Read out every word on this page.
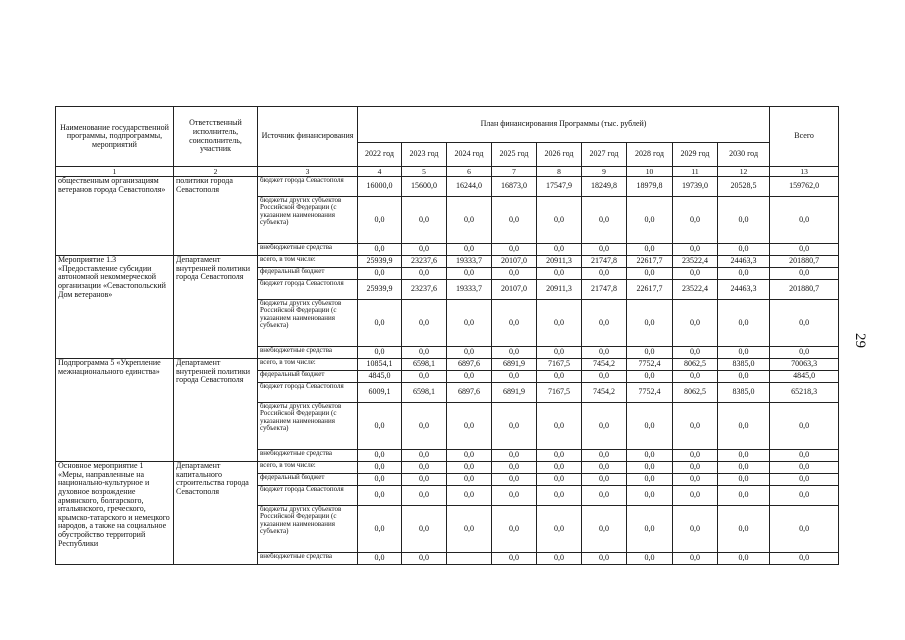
Наименование государственной программы, подпрограммы, мероприятий	Ответственный исполнитель, соисполнитель, участник	Источник финансирования	План финансирования Программы (тыс. рублей)									Всего
			2022 год	2023 год	2024 год	2025 год	2026 год	2027 год	2028 год	2029 год	2030 год	
1	2	3	4	5	6	7	8	9	10	11	12	13
общественным организациям ветеранов города Севастополя»	политики города Севастополя	бюджет города Севастополя	16000,0	15600,0	16244,0	16873,0	17547,9	18249,8	18979,8	19739,0	20528,5	159762,0
		бюджеты других субъектов Российской Федерации (с указанием наименования субъекта)	0,0	0,0	0,0	0,0	0,0	0,0	0,0	0,0	0,0	0,0
		внебюджетные средства	0,0	0,0	0,0	0,0	0,0	0,0	0,0	0,0	0,0	0,0
Мероприятие 1.3 «Предоставление субсидии автономной некоммерческой организации «Севастопольский Дом ветеранов»	Департамент внутренней политики города Севастополя	всего, в том числе:	25939,9	23237,6	19333,7	20107,0	20911,3	21747,8	22617,7	23522,4	24463,3	201880,7
		федеральный бюджет	0,0	0,0	0,0	0,0	0,0	0,0	0,0	0,0	0,0	0,0
		бюджет города Севастополя	25939,9	23237,6	19333,7	20107,0	20911,3	21747,8	22617,7	23522,4	24463,3	201880,7
		бюджеты других субъектов Российской Федерации (с указанием наименования субъекта)	0,0	0,0	0,0	0,0	0,0	0,0	0,0	0,0	0,0	0,0
		внебюджетные средства	0,0	0,0	0,0	0,0	0,0	0,0	0,0	0,0	0,0	0,0
Подпрограмма 5 «Укрепление межнационального единства»	Департамент внутренней политики города Севастополя	всего, в том числе:	10854,1	6598,1	6897,6	6891,9	7167,5	7454,2	7752,4	8062,5	8385,0	70063,3
		федеральный бюджет	4845,0	0,0	0,0	0,0	0,0	0,0	0,0	0,0	0,0	4845,0
		бюджет города Севастополя	6009,1	6598,1	6897,6	6891,9	7167,5	7454,2	7752,4	8062,5	8385,0	65218,3
		бюджеты других субъектов Российской Федерации (с указанием наименования субъекта)	0,0	0,0	0,0	0,0	0,0	0,0	0,0	0,0	0,0	0,0
		внебюджетные средства	0,0	0,0	0,0	0,0	0,0	0,0	0,0	0,0	0,0	0,0
Основное мероприятие 1 «Меры, направленные на национально-культурное и духовное возрождение армянского, болгарского, итальянского, греческого, крымско-татарского и немецкого народов, а также на социальное обустройство территорий Республики	Департамент капитального строительства города Севастополя	всего, в том числе:	0,0	0,0	0,0	0,0	0,0	0,0	0,0	0,0	0,0	0,0
		федеральный бюджет	0,0	0,0	0,0	0,0	0,0	0,0	0,0	0,0	0,0	0,0
		бюджет города Севастополя	0,0	0,0	0,0	0,0	0,0	0,0	0,0	0,0	0,0	0,0
		бюджеты других субъектов Российской Федерации (с указанием наименования субъекта)	0,0	0,0	0,0	0,0	0,0	0,0	0,0	0,0	0,0	0,0
		внебюджетные средства	0,0	0,0		0,0	0,0	0,0	0,0	0,0	0,0	0,0
29
